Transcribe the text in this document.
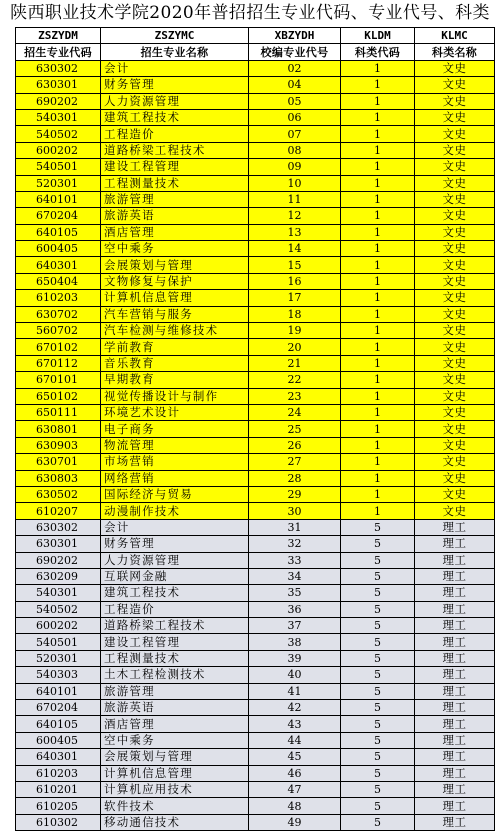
陕西职业技术学院2020年普招招生专业代码、专业代号、科类
ZSZYDM	ZSZYMC	XBZYDH	KLDM	KLMC
招生专业代码	招生专业名称	校编专业代号	科类代码	科类名称
630302	会计	02	1	文史
630301	财务管理	04	1	文史
690202	人力资源管理	05	1	文史
540301	建筑工程技术	06	1	文史
540502	工程造价	07	1	文史
600202	道路桥梁工程技术	08	1	文史
540501	建设工程管理	09	1	文史
520301	工程测量技术	10	1	文史
640101	旅游管理	11	1	文史
670204	旅游英语	12	1	文史
640105	酒店管理	13	1	文史
600405	空中乘务	14	1	文史
640301	会展策划与管理	15	1	文史
650404	文物修复与保护	16	1	文史
610203	计算机信息管理	17	1	文史
630702	汽车营销与服务	18	1	文史
560702	汽车检测与维修技术	19	1	文史
670102	学前教育	20	1	文史
670112	音乐教育	21	1	文史
670101	早期教育	22	1	文史
650102	视觉传播设计与制作	23	1	文史
650111	环境艺术设计	24	1	文史
630801	电子商务	25	1	文史
630903	物流管理	26	1	文史
630701	市场营销	27	1	文史
630803	网络营销	28	1	文史
630502	国际经济与贸易	29	1	文史
610207	动漫制作技术	30	1	文史
630302	会计	31	5	理工
630301	财务管理	32	5	理工
690202	人力资源管理	33	5	理工
630209	互联网金融	34	5	理工
540301	建筑工程技术	35	5	理工
540502	工程造价	36	5	理工
600202	道路桥梁工程技术	37	5	理工
540501	建设工程管理	38	5	理工
520301	工程测量技术	39	5	理工
540303	土木工程检测技术	40	5	理工
640101	旅游管理	41	5	理工
670204	旅游英语	42	5	理工
640105	酒店管理	43	5	理工
600405	空中乘务	44	5	理工
640301	会展策划与管理	45	5	理工
610203	计算机信息管理	46	5	理工
610201	计算机应用技术	47	5	理工
610205	软件技术	48	5	理工
610302	移动通信技术	49	5	理工
